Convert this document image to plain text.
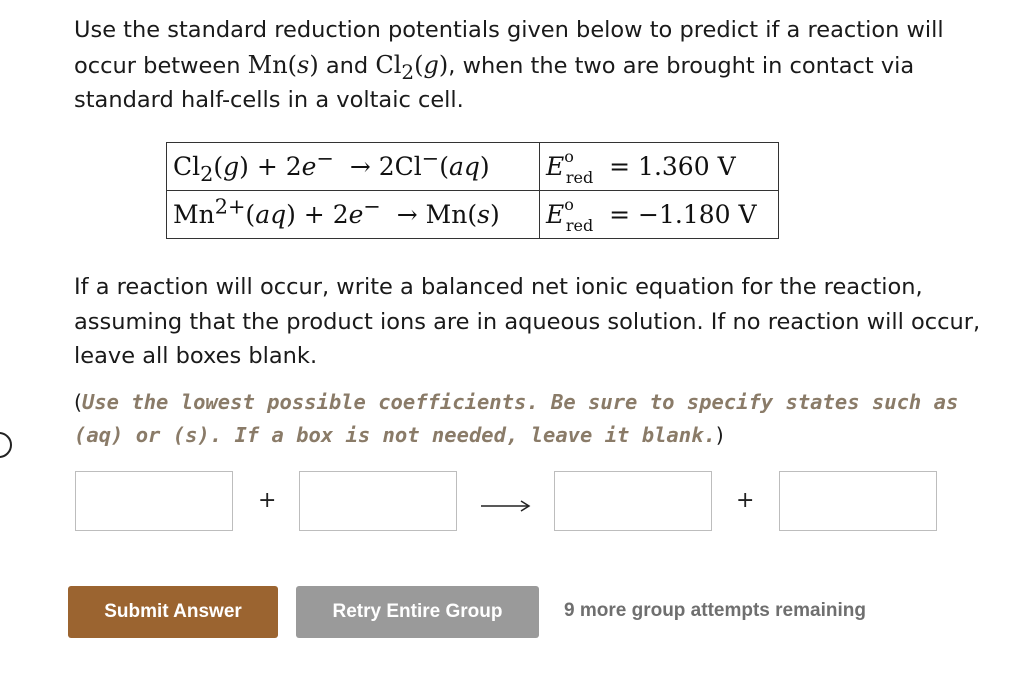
Use the standard reduction potentials given below to predict if a reaction will occur between Mn(s) and $Cl_2(g)$, when the two are brought in contact via standard half-cells in a voltaic cell.
$Cl_2(g) + 2e^- \to 2Cl^-(aq)$	$E^o_{red} = 1.360$ V
$Mn^{2+}(aq) + 2e^- \to Mn(s)$	$E^o_{red} = -1.180$ V
If a reaction will occur, write a balanced net ionic equation for the reaction, assuming that the product ions are in aqueous solution. If no reaction will occur, leave all boxes blank.
(Use the lowest possible coefficients. Be sure to specify states such as (aq) or (s). If a box is not needed, leave it blank.)
+	+
Submit Answer	Retry Entire Group	9 more group attempts remaining
